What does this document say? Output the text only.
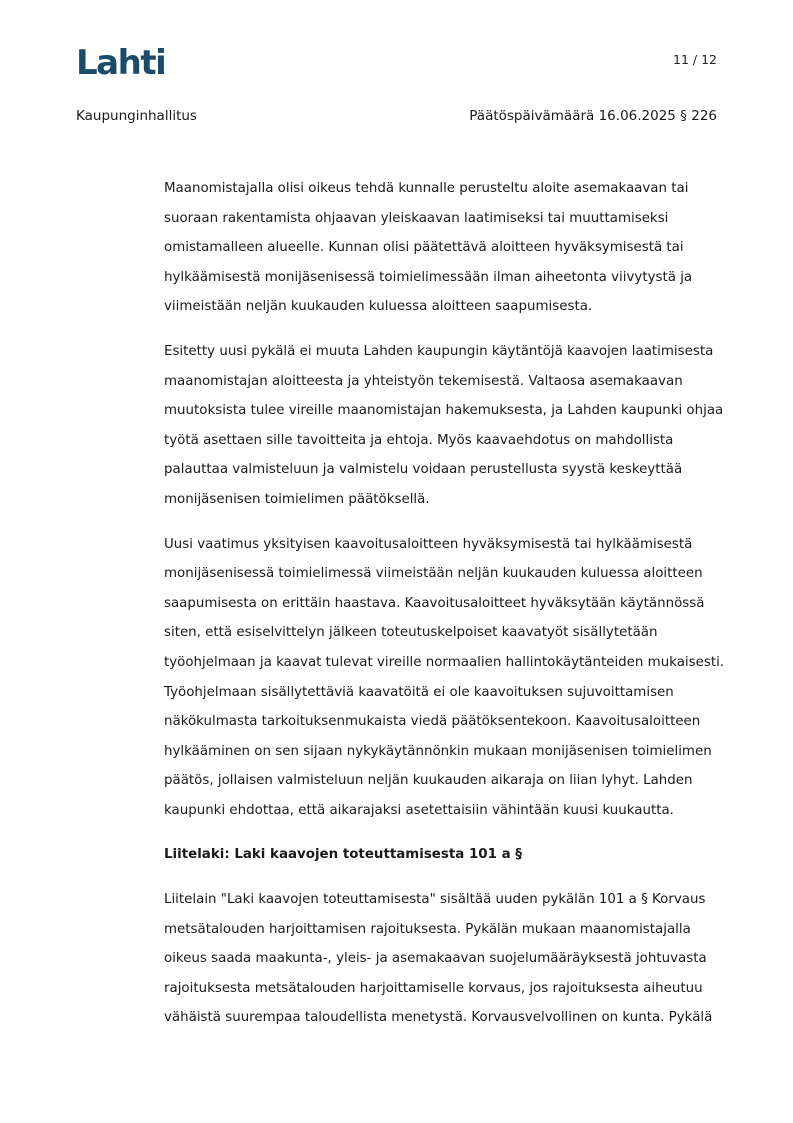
Lahti	11 / 12
Kaupunginhallitus	Päätöspäivämäärä 16.06.2025 § 226

Maanomistajalla olisi oikeus tehdä kunnalle perusteltu aloite asemakaavan tai
suoraan rakentamista ohjaavan yleiskaavan laatimiseksi tai muuttamiseksi
omistamalleen alueelle. Kunnan olisi päätettävä aloitteen hyväksymisestä tai
hylkäämisestä monijäsenisessä toimielimessään ilman aiheetonta viivytystä ja
viimeistään neljän kuukauden kuluessa aloitteen saapumisesta.

Esitetty uusi pykälä ei muuta Lahden kaupungin käytäntöjä kaavojen laatimisesta
maanomistajan aloitteesta ja yhteistyön tekemisestä. Valtaosa asemakaavan
muutoksista tulee vireille maanomistajan hakemuksesta, ja Lahden kaupunki ohjaa
työtä asettaen sille tavoitteita ja ehtoja. Myös kaavaehdotus on mahdollista
palauttaa valmisteluun ja valmistelu voidaan perustellusta syystä keskeyttää
monijäsenisen toimielimen päätöksellä.

Uusi vaatimus yksityisen kaavoitusaloitteen hyväksymisestä tai hylkäämisestä
monijäsenisessä toimielimessä viimeistään neljän kuukauden kuluessa aloitteen
saapumisesta on erittäin haastava. Kaavoitusaloitteet hyväksytään käytännössä
siten, että esiselvittelyn jälkeen toteutuskelpoiset kaavatyöt sisällytetään
työohjelmaan ja kaavat tulevat vireille normaalien hallintokäytänteiden mukaisesti.
Työohjelmaan sisällytettäviä kaavatöitä ei ole kaavoituksen sujuvoittamisen
näkökulmasta tarkoituksenmukaista viedä päätöksentekoon. Kaavoitusaloitteen
hylkääminen on sen sijaan nykykäytännönkin mukaan monijäsenisen toimielimen
päätös, jollaisen valmisteluun neljän kuukauden aikaraja on liian lyhyt. Lahden
kaupunki ehdottaa, että aikarajaksi asetettaisiin vähintään kuusi kuukautta.

Liitelaki: Laki kaavojen toteuttamisesta 101 a §

Liitelain "Laki kaavojen toteuttamisesta" sisältää uuden pykälän 101 a § Korvaus
metsätalouden harjoittamisen rajoituksesta. Pykälän mukaan maanomistajalla
oikeus saada maakunta-, yleis- ja asemakaavan suojelumääräyksestä johtuvasta
rajoituksesta metsätalouden harjoittamiselle korvaus, jos rajoituksesta aiheutuu
vähäistä suurempaa taloudellista menetystä. Korvausvelvollinen on kunta. Pykälä
